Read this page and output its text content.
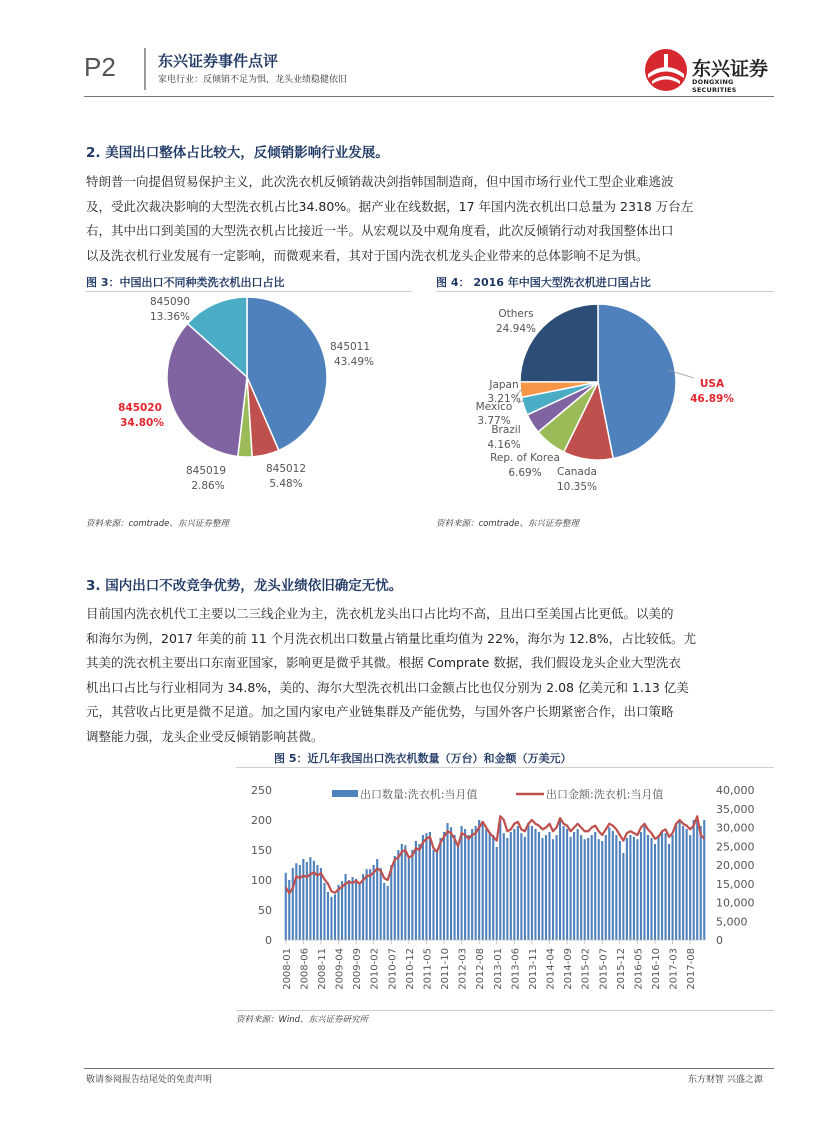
P2	东兴证券事件点评
家电行业：反倾销不足为惧，龙头业绩稳健依旧	东兴证券
DONGXING SECURITIES
2. 美国出口整体占比较大，反倾销影响行业发展。
特朗普一向提倡贸易保护主义，此次洗衣机反倾销裁决剑指韩国制造商，但中国市场行业代工型企业难逃波
及，受此次裁决影响的大型洗衣机占比34.80%。据产业在线数据，17 年国内洗衣机出口总量为 2318 万台左
右，其中出口到美国的大型洗衣机占比接近一半。从宏观以及中观角度看，此次反倾销行动对我国整体出口
以及洗衣机行业发展有一定影响，而微观来看，其对于国内洗衣机龙头企业带来的总体影响不足为惧。
图 3：中国出口不同种类洗衣机出口占比
845011 43.49%
845012 5.48%
845019 2.86%
845020 34.80%
845090 13.36%
资料来源：comtrade、东兴证券整理
图 4： 2016 年中国大型洗衣机进口国占比
USA 46.89%
Canada 10.35%
Rep. of Korea 6.69%
Brazil 4.16%
Mexico 3.77%
Japan 3.21%
Others 24.94%
资料来源：comtrade、东兴证券整理
3. 国内出口不改竞争优势，龙头业绩依旧确定无忧。
目前国内洗衣机代工主要以二三线企业为主，洗衣机龙头出口占比均不高，且出口至美国占比更低。以美的
和海尔为例，2017 年美的前 11 个月洗衣机出口数量占销量比重均值为 22%，海尔为 12.8%，占比较低。尤
其美的洗衣机主要出口东南亚国家，影响更是微乎其微。根据 Comprate 数据，我们假设龙头企业大型洗衣
机出口占比与行业相同为 34.8%，美的、海尔大型洗衣机出口金额占比也仅分别为 2.08 亿美元和 1.13 亿美
元，其营收占比更是微不足道。加之国内家电产业链集群及产能优势，与国外客户长期紧密合作，出口策略
调整能力强，龙头企业受反倾销影响甚微。
图 5：近几年我国出口洗衣机数量（万台）和金额（万美元）
出口数量:洗衣机:当月值	出口金额:洗衣机:当月值
0
50
100
150
200
250
0
5,000
10,000
15,000
20,000
25,000
30,000
35,000
40,000
2008-01 2008-06 2008-11 2009-04 2009-09 2010-02 2010-07 2010-12 2011-05 2011-10 2012-03 2012-08 2013-01 2013-06 2013-11 2014-04 2014-09 2015-02 2015-07 2015-12 2016-05 2016-10 2017-03 2017-08
资料来源：Wind、东兴证券研究所
敬请参阅报告结尾处的免责声明	东方财智 兴盛之源
